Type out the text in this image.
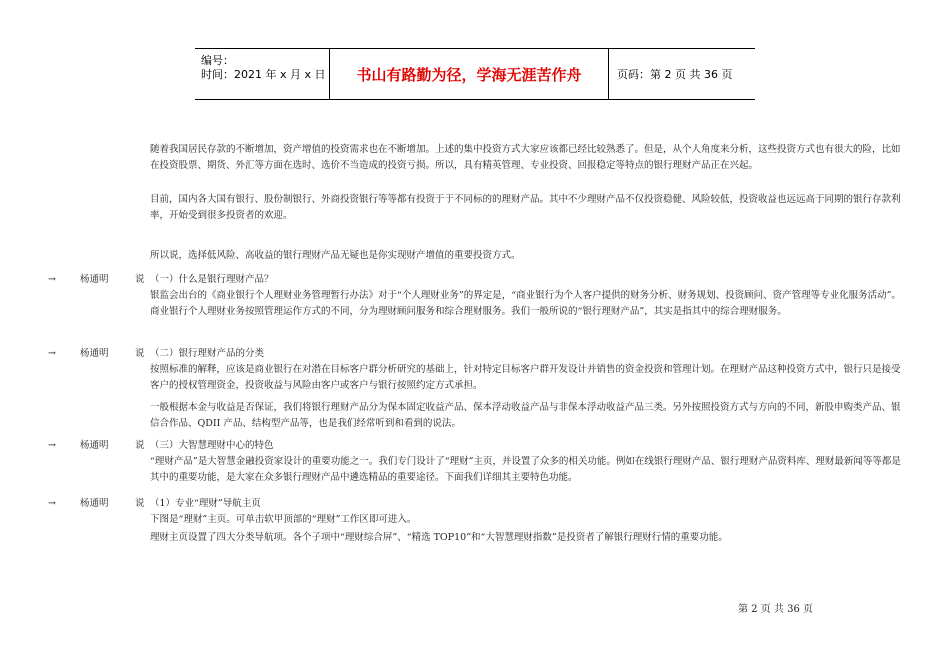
编号：
时间：2021 年 x 月 x 日 书山有路勤为径，学海无涯苦作舟	页码：第 2 页 共 36 页
随着我国居民存款的不断增加，资产增值的投资需求也在不断增加。上述的集中投资方式大家应该都已经比较熟悉了。但是，从个人角度来分析，这些投资方式也有很大的险，比如在投资股票、期货、外汇等方面在选时、选价不当造成的投资亏损。所以，具有精英管理、专业投资、回报稳定等特点的银行理财产品正在兴起。
目前，国内各大国有银行、股份制银行、外商投资银行等等都有投资于于不同标的的理财产品。其中不少理财产品不仅投资稳健、风险较低，投资收益也远远高于同期的银行存款利率，开始受到很多投资者的欢迎。
所以说，选择低风险、高收益的银行理财产品无疑也是你实现财产增值的重要投资方式。
→	杨通明	说 （一）什么是银行理财产品？
银监会出台的《商业银行个人理财业务管理暂行办法》对于“个人理财业务”的界定是，“商业银行为个人客户提供的财务分析、财务规划、投资顾问、资产管理等专业化服务活动”。商业银行个人理财业务按照管理运作方式的不同，分为理财顾问服务和综合理财服务。我们一般所说的“银行理财产品”，其实是指其中的综合理财服务。
→	杨通明	说 （二）银行理财产品的分类
按照标准的解释，应该是商业银行在对潜在目标客户群分析研究的基础上，针对特定目标客户群开发设计并销售的资金投资和管理计划。在理财产品这种投资方式中，银行只是接受客户的授权管理资金，投资收益与风险由客户或客户与银行按照约定方式承担。
一般根据本金与收益是否保证，我们将银行理财产品分为保本固定收益产品、保本浮动收益产品与非保本浮动收益产品三类。另外按照投资方式与方向的不同，新股申购类产品、银信合作品、QDII 产品、结构型产品等，也是我们经常听到和看到的说法。
→	杨通明	说 （三）大智慧理财中心的特色
“理财产品”是大智慧金融投资家设计的重要功能之一。我们专门设计了“理财”主页，并设置了众多的相关功能。例如在线银行理财产品、银行理财产品资料库、理财最新闻等等都是其中的重要功能，是大家在众多银行理财产品中遴选精品的重要途径。下面我们详细其主要特色功能。
→	杨通明	说 （1）专业“理财”导航主页
下图是“理财”主页。可单击软甲顶部的“理财”工作区即可进入。
理财主页设置了四大分类导航项。各个子项中“理财综合屏”、“精选 TOP10”和“大智慧理财指数”是投资者了解银行理财行情的重要功能。
第 2 页 共 36 页
